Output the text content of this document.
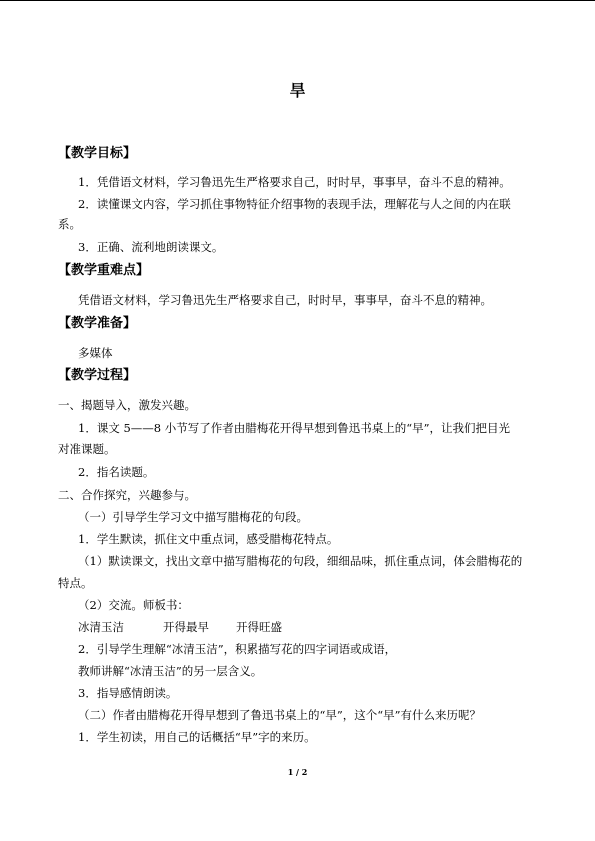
旱
【教学目标】
1．凭借语文材料，学习鲁迅先生严格要求自己，时时早，事事早，奋斗不息的精神。
2．读懂课文内容，学习抓住事物特征介绍事物的表现手法，理解花与人之间的内在联
系。
3．正确、流利地朗读课文。
【教学重难点】
凭借语文材料，学习鲁迅先生严格要求自己，时时早，事事早，奋斗不息的精神。
【教学准备】
多媒体
【教学过程】
一、揭题导入，激发兴趣。
1．课文 5——8 小节写了作者由腊梅花开得早想到鲁迅书桌上的“早”，让我们把目光
对准课题。
2．指名读题。
二、合作探究，兴趣参与。
（一）引导学生学习文中描写腊梅花的句段。
1．学生默读，抓住文中重点词，感受腊梅花特点。
（1）默读课文，找出文章中描写腊梅花的句段，细细品味，抓住重点词，体会腊梅花的
特点。
（2）交流。师板书：
冰清玉洁	开得最早 开得旺盛
2．引导学生理解“冰清玉洁”，积累描写花的四字词语或成语，
教师讲解“冰清玉洁”的另一层含义。
3．指导感情朗读。
（二）作者由腊梅花开得早想到了鲁迅书桌上的“早”，这个“早”有什么来历呢？
1．学生初读，用自己的话概括“早”字的来历。
1 / 2
